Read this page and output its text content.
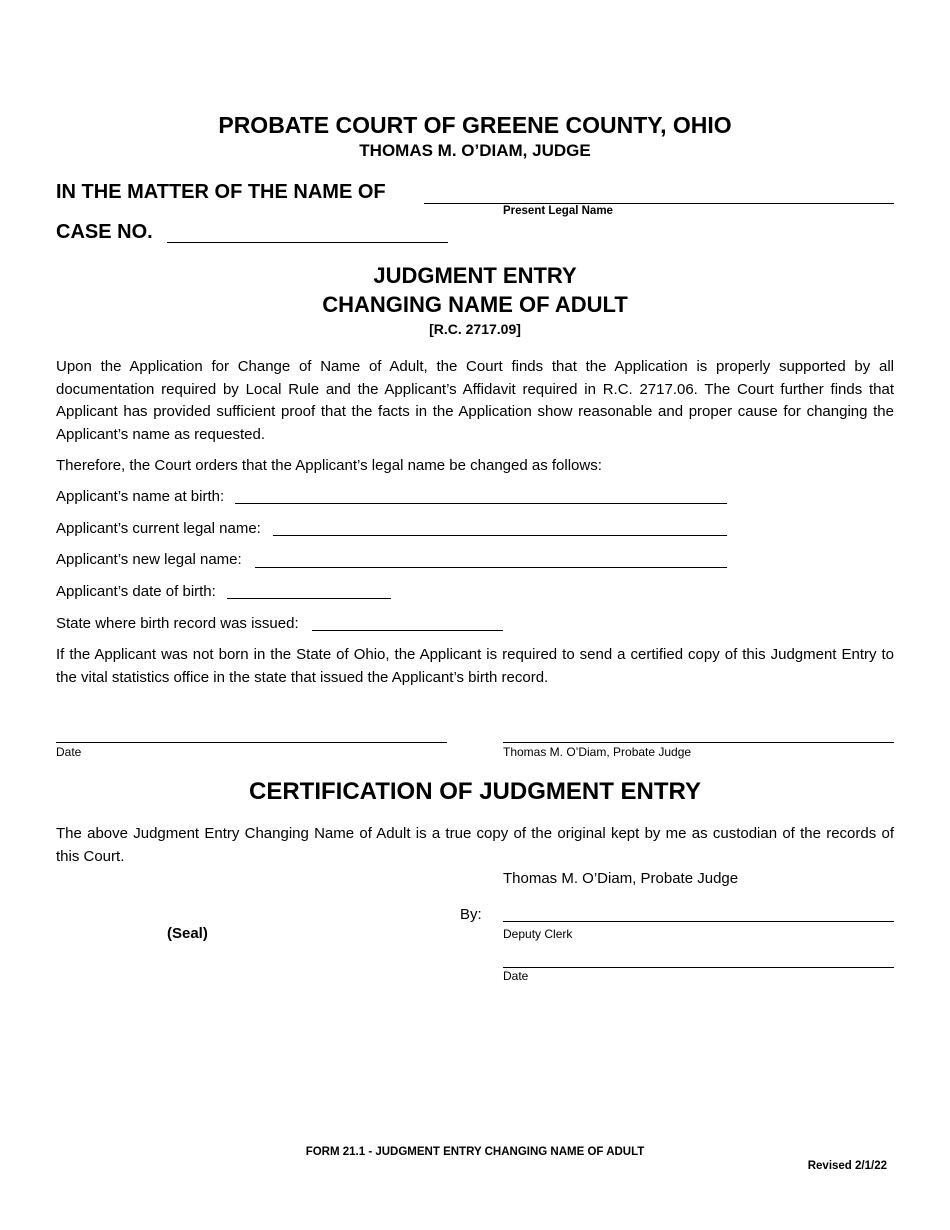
PROBATE COURT OF GREENE COUNTY, OHIO
THOMAS M. O’DIAM, JUDGE
IN THE MATTER OF THE NAME OF
Present Legal Name
CASE NO.
JUDGMENT ENTRY
CHANGING NAME OF ADULT
[R.C. 2717.09]

Upon the Application for Change of Name of Adult, the Court finds that the Application is properly supported by all documentation required by Local Rule and the Applicant’s Affidavit required in R.C. 2717.06. The Court further finds that Applicant has provided sufficient proof that the facts in the Application show reasonable and proper cause for changing the Applicant’s name as requested.

Therefore, the Court orders that the Applicant’s legal name be changed as follows:

Applicant’s name at birth:
Applicant’s current legal name:
Applicant’s new legal name:
Applicant’s date of birth:
State where birth record was issued:

If the Applicant was not born in the State of Ohio, the Applicant is required to send a certified copy of this Judgment Entry to the vital statistics office in the state that issued the Applicant’s birth record.

Date	Thomas M. O’Diam, Probate Judge
CERTIFICATION OF JUDGMENT ENTRY

The above Judgment Entry Changing Name of Adult is a true copy of the original kept by me as custodian of the records of this Court.

Thomas M. O’Diam, Probate Judge
By:
Deputy Clerk
(Seal)
Date
FORM 21.1 - JUDGMENT ENTRY CHANGING NAME OF ADULT
Revised 2/1/22
